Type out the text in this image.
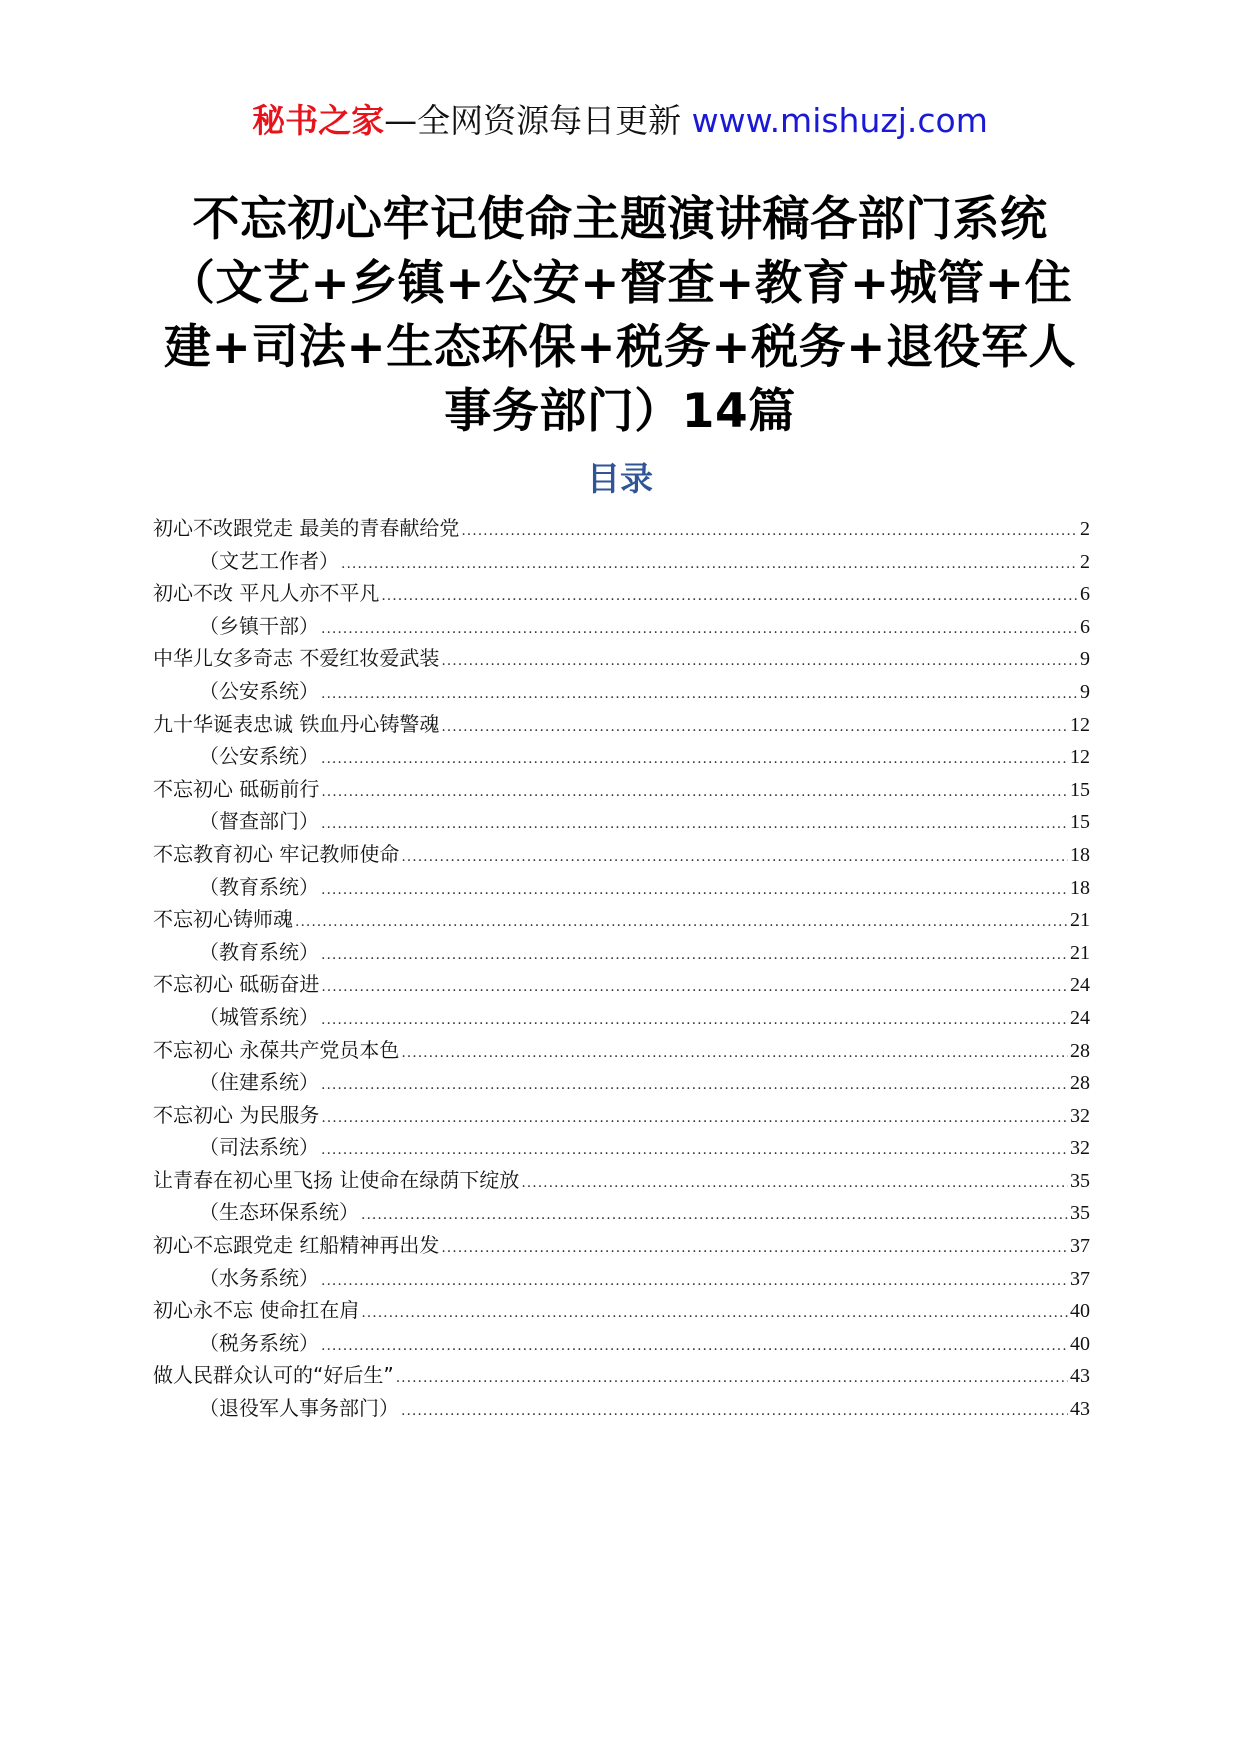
秘书之家—全网资源每日更新 www.mishuzj.com
不忘初心牢记使命主题演讲稿各部门系统（文艺+乡镇+公安+督查+教育+城管+住建+司法+生态环保+税务+税务+退役军人事务部门）14篇
目录
初心不改跟党走 最美的青春献给党 .....	2
（文艺工作者） .....	2
初心不改 平凡人亦不平凡 .....	6
（乡镇干部） .....	6
中华儿女多奇志 不爱红妆爱武装 .....	9
（公安系统） .....	9
九十华诞表忠诚 铁血丹心铸警魂 .....	12
（公安系统） .....	12
不忘初心 砥砺前行 .....	15
（督查部门） .....	15
不忘教育初心 牢记教师使命 .....	18
（教育系统） .....	18
不忘初心铸师魂 .....	21
（教育系统） .....	21
不忘初心 砥砺奋进 .....	24
（城管系统） .....	24
不忘初心 永葆共产党员本色 .....	28
（住建系统） .....	28
不忘初心 为民服务 .....	32
（司法系统） .....	32
让青春在初心里飞扬 让使命在绿荫下绽放 .....	35
（生态环保系统） .....	35
初心不忘跟党走 红船精神再出发 .....	37
（水务系统） .....	37
初心永不忘 使命扛在肩 .....	40
（税务系统） .....	40
做人民群众认可的“好后生” .....	43
（退役军人事务部门） .....	43
